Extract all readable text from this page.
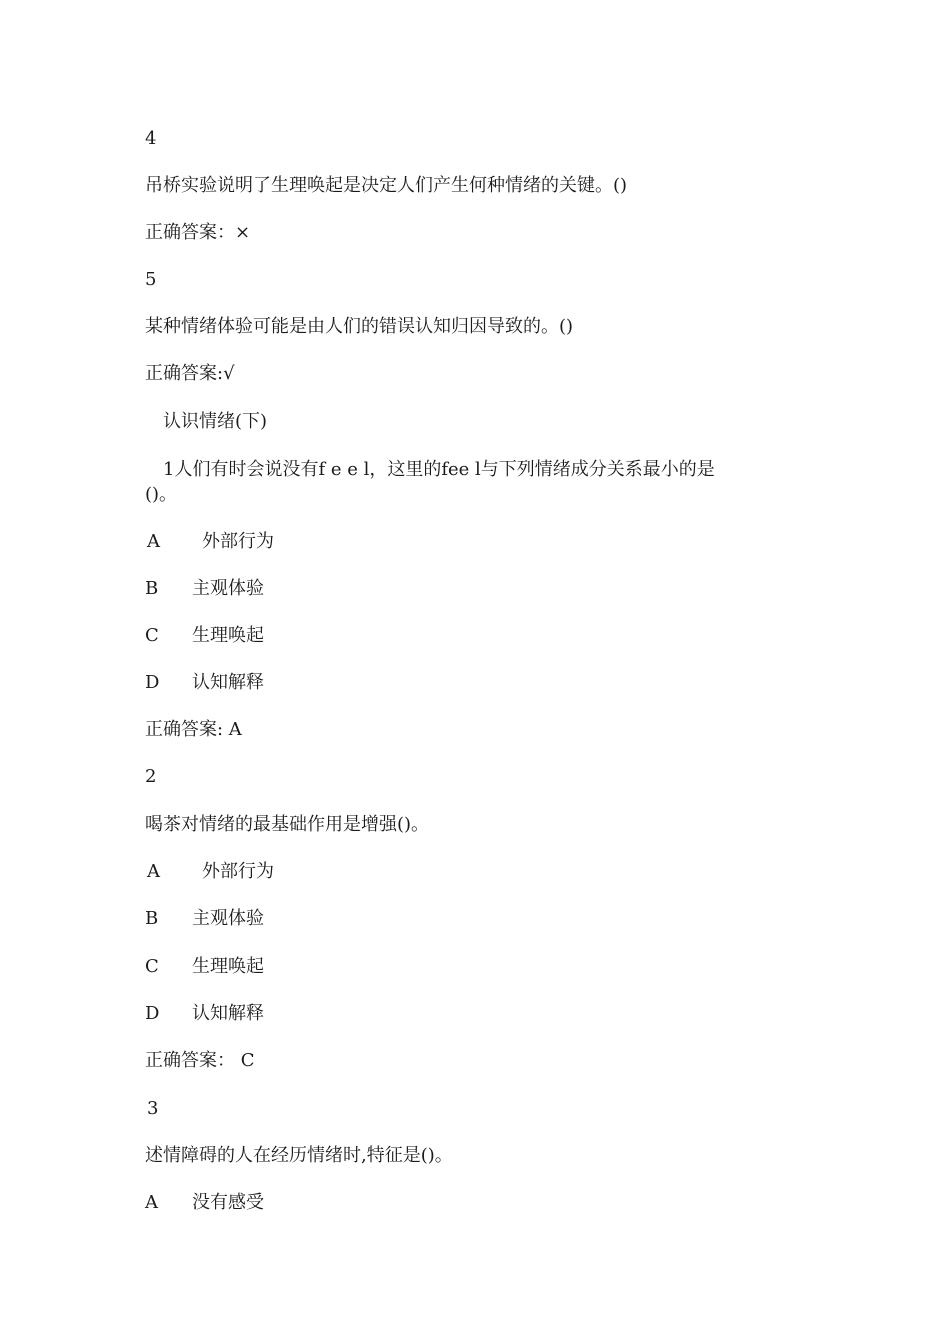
4
吊桥实验说明了生理唤起是决定人们产生何种情绪的关键。()
正确答案：×
5
某种情绪体验可能是由人们的错误认知归因导致的。()
正确答案:√
认识情绪(下)
1人们有时会说没有f e e l，这里的fee l与下列情绪成分关系最小的是
()。
A 外部行为
B 主观体验
C 生理唤起
D 认知解释
正确答案: A
2
喝茶对情绪的最基础作用是增强()。
A 外部行为
B 主观体验
C 生理唤起
D 认知解释
正确答案： C
3
述情障碍的人在经历情绪时,特征是()。
A 没有感受
